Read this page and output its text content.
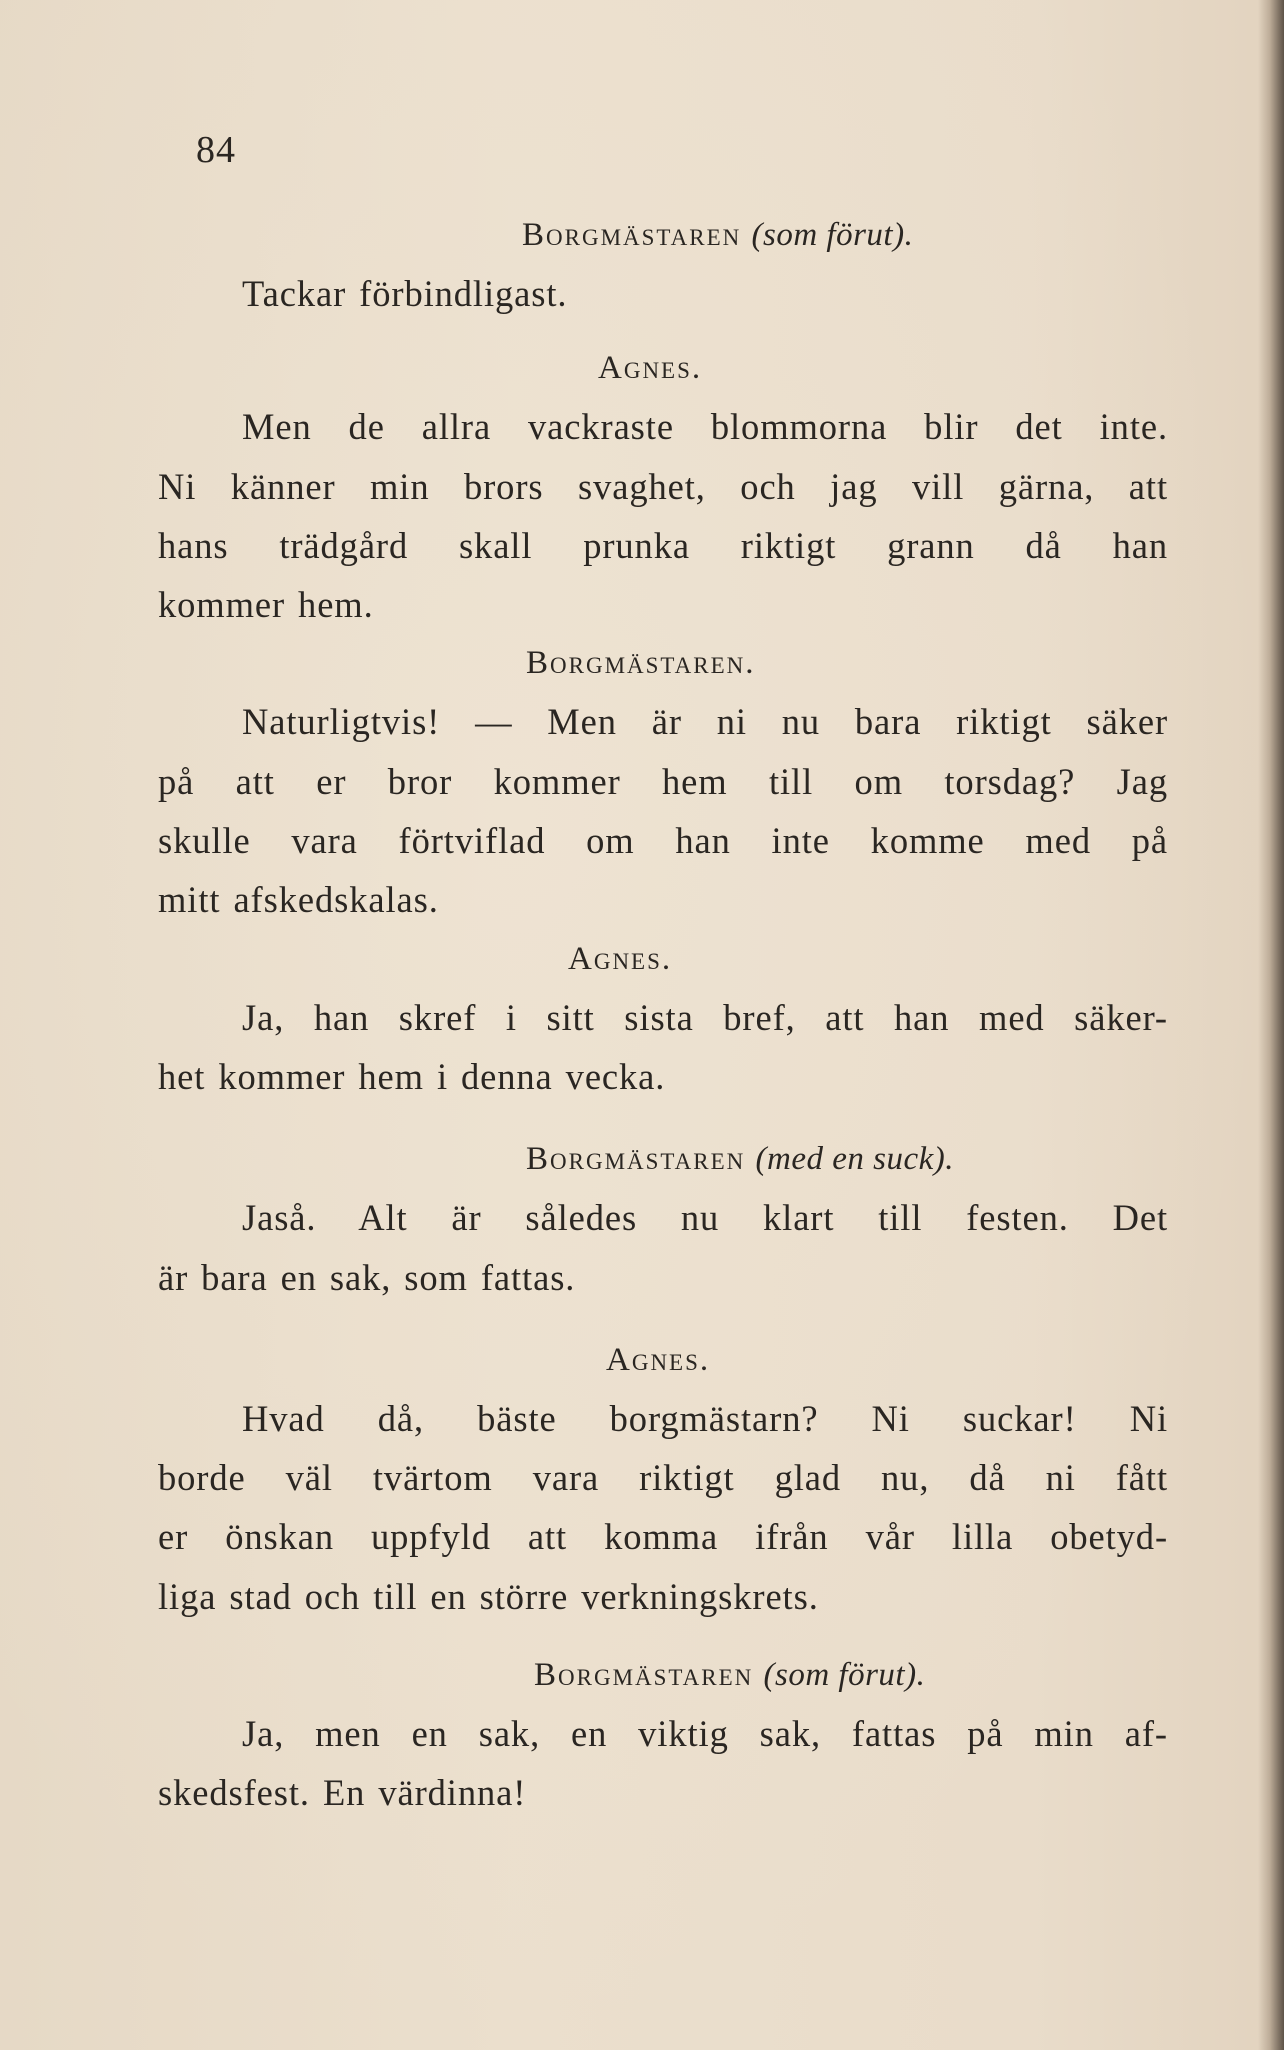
84
Borgmästaren (som förut).
Tackar förbindligast.
Agnes.
Men de allra vackraste blommorna blir det inte.
Ni känner min brors svaghet, och jag vill gärna, att
hans trädgård skall prunka riktigt grann då han
kommer hem.
Borgmästaren.
Naturligtvis! — Men är ni nu bara riktigt säker
på att er bror kommer hem till om torsdag? Jag
skulle vara förtviflad om han inte komme med på
mitt afskedskalas.
Agnes.
Ja, han skref i sitt sista bref, att han med säker-
het kommer hem i denna vecka.
Borgmästaren (med en suck).
Jaså. Alt är således nu klart till festen. Det
är bara en sak, som fattas.
Agnes.
Hvad då, bäste borgmästarn? Ni suckar! Ni
borde väl tvärtom vara riktigt glad nu, då ni fått
er önskan uppfyld att komma ifrån vår lilla obetyd-
liga stad och till en större verkningskrets.
Borgmästaren (som förut).
Ja, men en sak, en viktig sak, fattas på min af-
skedsfest. En värdinna!
